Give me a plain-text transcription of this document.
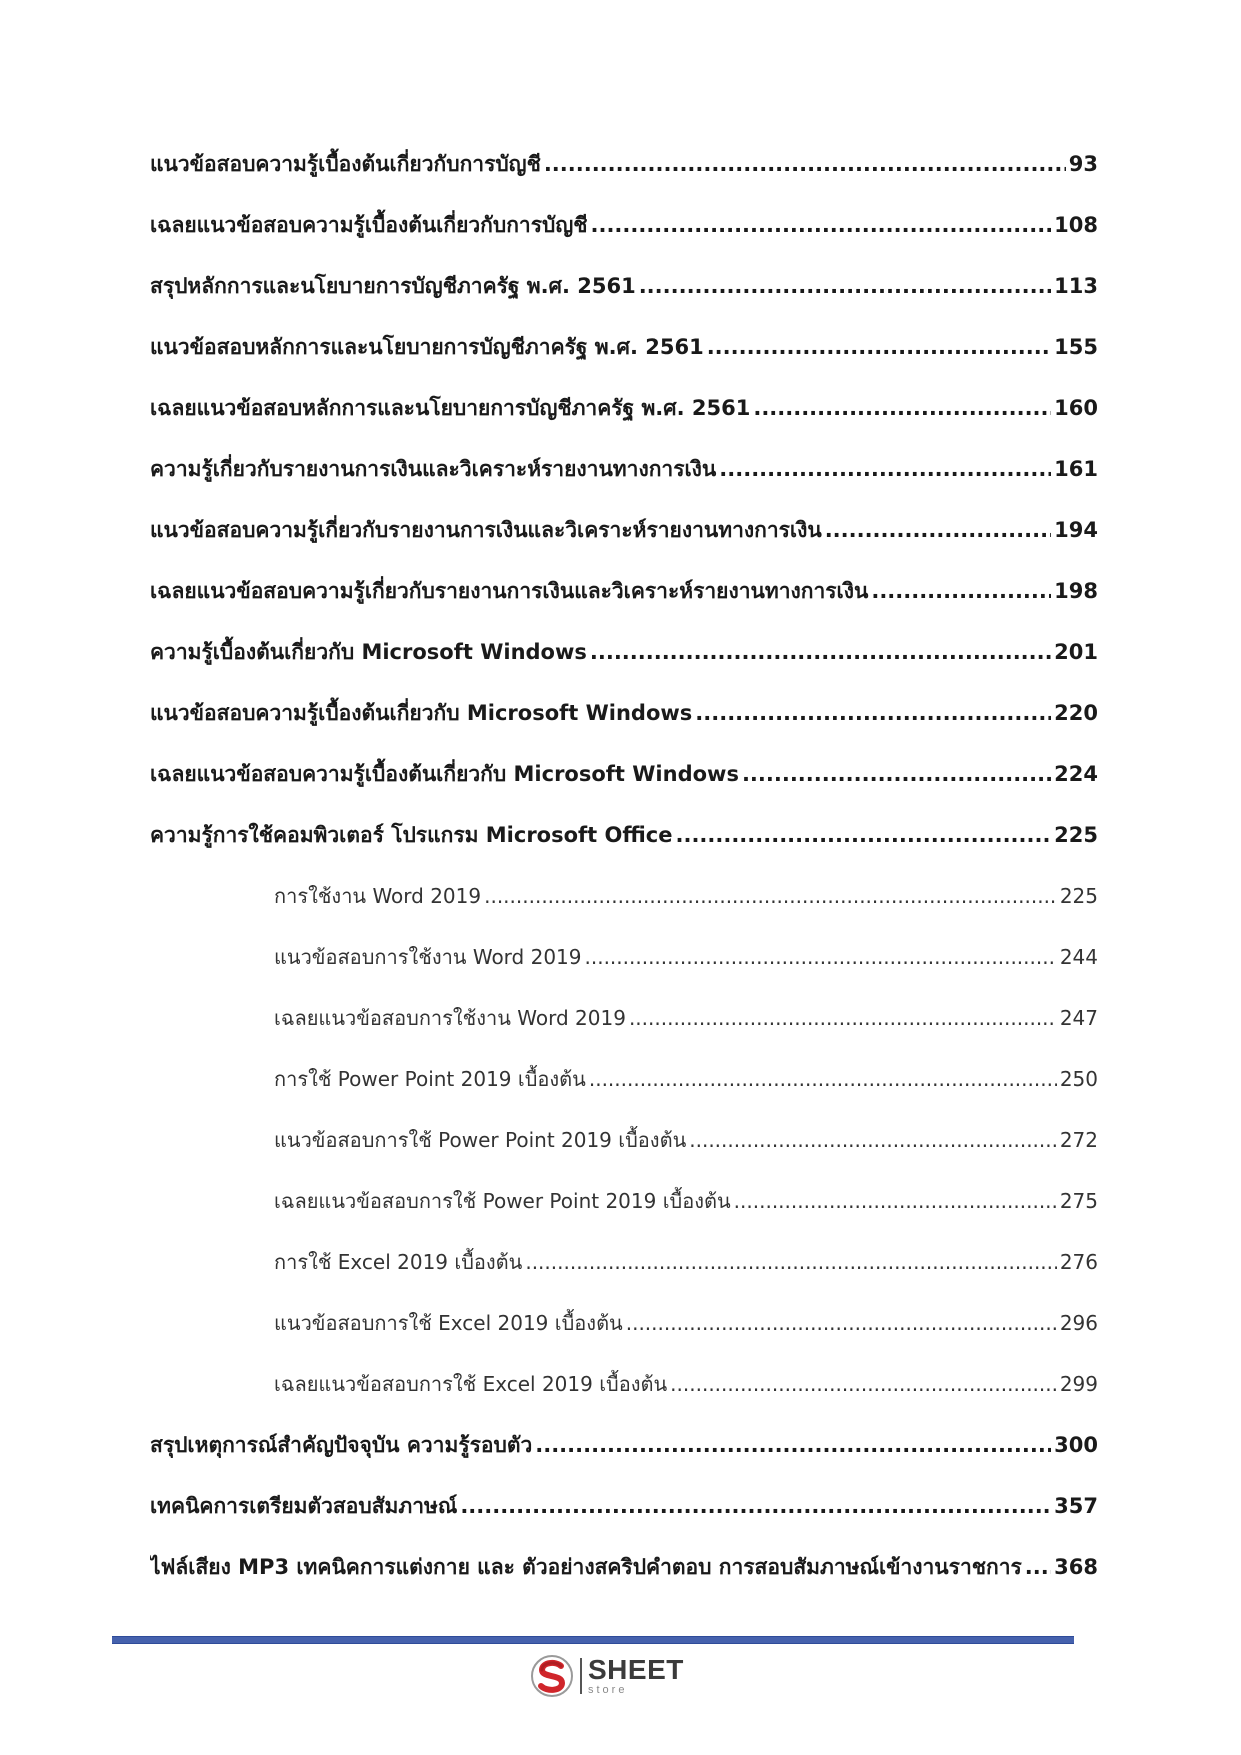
แนวข้อสอบความรู้เบื้องต้นเกี่ยวกับการบัญชี .....	93
เฉลยแนวข้อสอบความรู้เบื้องต้นเกี่ยวกับการบัญชี .....	108
สรุปหลักการและนโยบายการบัญชีภาครัฐ พ.ศ. 2561 .....	113
แนวข้อสอบหลักการและนโยบายการบัญชีภาครัฐ พ.ศ. 2561 .....	155
เฉลยแนวข้อสอบหลักการและนโยบายการบัญชีภาครัฐ พ.ศ. 2561 .....	160
ความรู้เกี่ยวกับรายงานการเงินและวิเคราะห์รายงานทางการเงิน .....	161
แนวข้อสอบความรู้เกี่ยวกับรายงานการเงินและวิเคราะห์รายงานทางการเงิน .....	194
เฉลยแนวข้อสอบความรู้เกี่ยวกับรายงานการเงินและวิเคราะห์รายงานทางการเงิน .....	198
ความรู้เบื้องต้นเกี่ยวกับ Microsoft Windows .....	201
แนวข้อสอบความรู้เบื้องต้นเกี่ยวกับ Microsoft Windows .....	220
เฉลยแนวข้อสอบความรู้เบื้องต้นเกี่ยวกับ Microsoft Windows .....	224
ความรู้การใช้คอมพิวเตอร์ โปรแกรม Microsoft Office .....	225
การใช้งาน Word 2019 .....	225
แนวข้อสอบการใช้งาน Word 2019 .....	244
เฉลยแนวข้อสอบการใช้งาน Word 2019 .....	247
การใช้ Power Point 2019 เบื้องต้น .....	250
แนวข้อสอบการใช้ Power Point 2019 เบื้องต้น .....	272
เฉลยแนวข้อสอบการใช้ Power Point 2019 เบื้องต้น .....	275
การใช้ Excel 2019 เบื้องต้น .....	276
แนวข้อสอบการใช้ Excel 2019 เบื้องต้น .....	296
เฉลยแนวข้อสอบการใช้ Excel 2019 เบื้องต้น .....	299
สรุปเหตุการณ์สำคัญปัจจุบัน ความรู้รอบตัว .....	300
เทคนิคการเตรียมตัวสอบสัมภาษณ์ .....	357
ไฟล์เสียง MP3 เทคนิคการแต่งกาย และ ตัวอย่างสคริปคำตอบ การสอบสัมภาษณ์เข้างานราชการ ..... 368
SHEET
store
